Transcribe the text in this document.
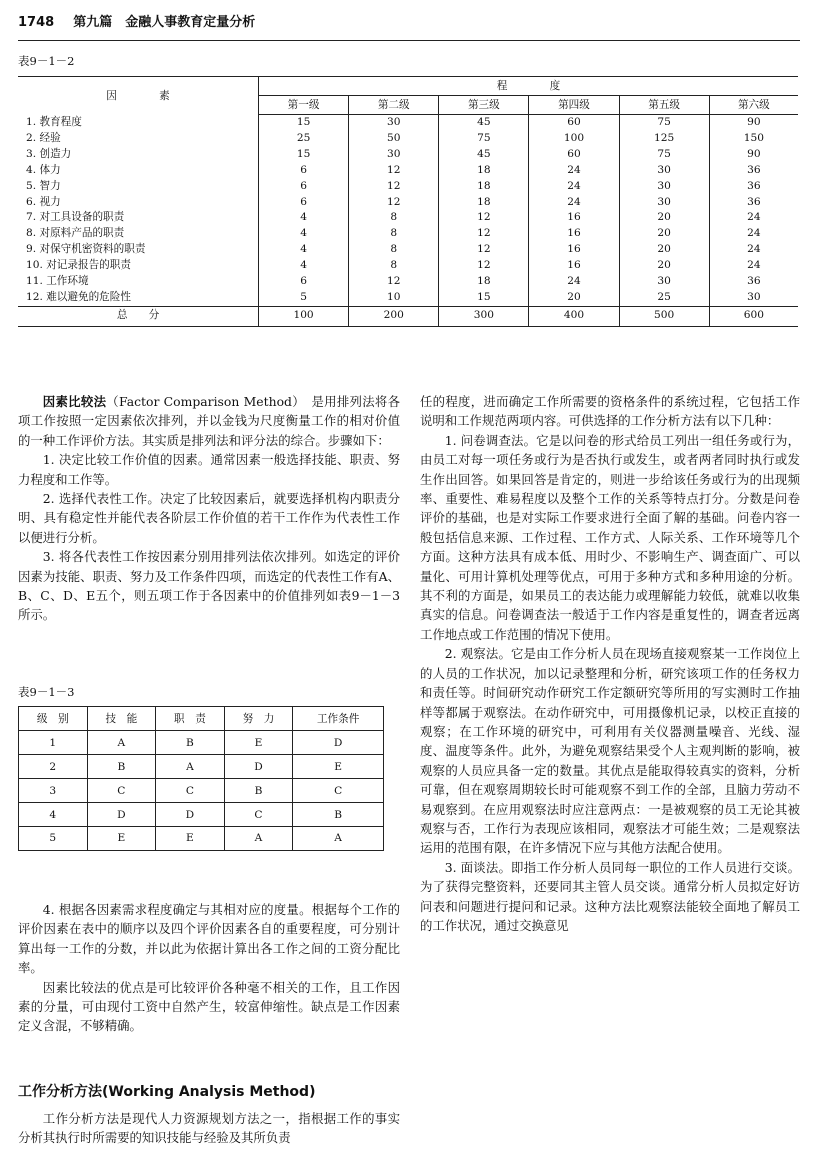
1748 第九篇　金融人事教育定量分析
表9－1－2
因　　　　素	程　　　　度					
	第一级	第二级	第三级	第四级	第五级	第六级
1. 教育程度	15	30	45	60	75	90
2. 经验	25	50	75	100	125	150
3. 创造力	15	30	45	60	75	90
4. 体力	6	12	18	24	30	36
5. 智力	6	12	18	24	30	36
6. 视力	6	12	18	24	30	36
7. 对工具设备的职责	4	8	12	16	20	24
8. 对原料产品的职责	4	8	12	16	20	24
9. 对保守机密资料的职责	4	8	12	16	20	24
10. 对记录报告的职责	4	8	12	16	20	24
11. 工作环境	6	12	18	24	30	36
12. 难以避免的危险性	5	10	15	20	25	30
总　　分	100	200	300	400	500	600

因素比较法（Factor Comparison Method）　是用排列法将各项工作按照一定因素依次排列，并以金钱为尺度衡量工作的相对价值的一种工作评价方法。其实质是排列法和评分法的综合。步骤如下：

1. 决定比较工作价值的因素。通常因素一般选择技能、职责、努力程度和工作等。

2. 选择代表性工作。决定了比较因素后，就要选择机构内职责分明、具有稳定性并能代表各阶层工作价值的若干工作作为代表性工作以便进行分析。

3. 将各代表性工作按因素分别用排列法依次排列。如选定的评价因素为技能、职责、努力及工作条件四项，而选定的代表性工作有A、B、C、D、E五个，则五项工作于各因素中的价值排列如表9－1－3所示。

表9－1－3
级　别	技　能	职　责	努　力	工作条件
1	A	B	E	D
2	B	A	D	E
3	C	C	B	C
4	D	D	C	B
5	E	E	A	A

4. 根据各因素需求程度确定与其相对应的度量。根据每个工作的评价因素在表中的顺序以及四个评价因素各自的重要程度，可分别计算出每一工作的分数，并以此为依据计算出各工作之间的工资分配比率。

因素比较法的优点是可比较评价各种毫不相关的工作，且工作因素的分量，可由现付工资中自然产生，较富伸缩性。缺点是工作因素定义含混，不够精确。

工作分析方法(Working Analysis Method)

工作分析方法是现代人力资源规划方法之一，指根据工作的事实分析其执行时所需要的知识技能与经验及其所负责

任的程度，进而确定工作所需要的资格条件的系统过程，它包括工作说明和工作规范两项内容。可供选择的工作分析方法有以下几种：

1. 问卷调查法。它是以问卷的形式给员工列出一组任务或行为，由员工对每一项任务或行为是否执行或发生，或者两者同时执行或发生作出回答。如果回答是肯定的，则进一步给该任务或行为的出现频率、重要性、难易程度以及整个工作的关系等特点打分。分数是问卷评价的基础，也是对实际工作要求进行全面了解的基础。问卷内容一般包括信息来源、工作过程、工作方式、人际关系、工作环境等几个方面。这种方法具有成本低、用时少、不影响生产、调查面广、可以量化、可用计算机处理等优点，可用于多种方式和多种用途的分析。其不利的方面是，如果员工的表达能力或理解能力较低，就难以收集真实的信息。问卷调查法一般适于工作内容是重复性的，调查者远离工作地点或工作范围的情况下使用。

2. 观察法。它是由工作分析人员在现场直接观察某一工作岗位上的人员的工作状况，加以记录整理和分析，研究该项工作的任务权力和责任等。时间研究动作研究工作定额研究等所用的写实测时工作抽样等都属于观察法。在动作研究中，可用摄像机记录，以校正直接的观察；在工作环境的研究中，可利用有关仪器测量噪音、光线、湿度、温度等条件。此外，为避免观察结果受个人主观判断的影响，被观察的人员应具备一定的数量。其优点是能取得较真实的资料，分析可靠，但在观察周期较长时可能观察不到工作的全部，且脑力劳动不易观察到。在应用观察法时应注意两点：一是被观察的员工无论其被观察与否，工作行为表现应该相同，观察法才可能生效；二是观察法运用的范围有限，在许多情况下应与其他方法配合使用。

3. 面谈法。即指工作分析人员同每一职位的工作人员进行交谈。为了获得完整资料，还要同其主管人员交谈。通常分析人员拟定好访问表和问题进行提问和记录。这种方法比观察法能较全面地了解员工的工作状况，通过交换意见
